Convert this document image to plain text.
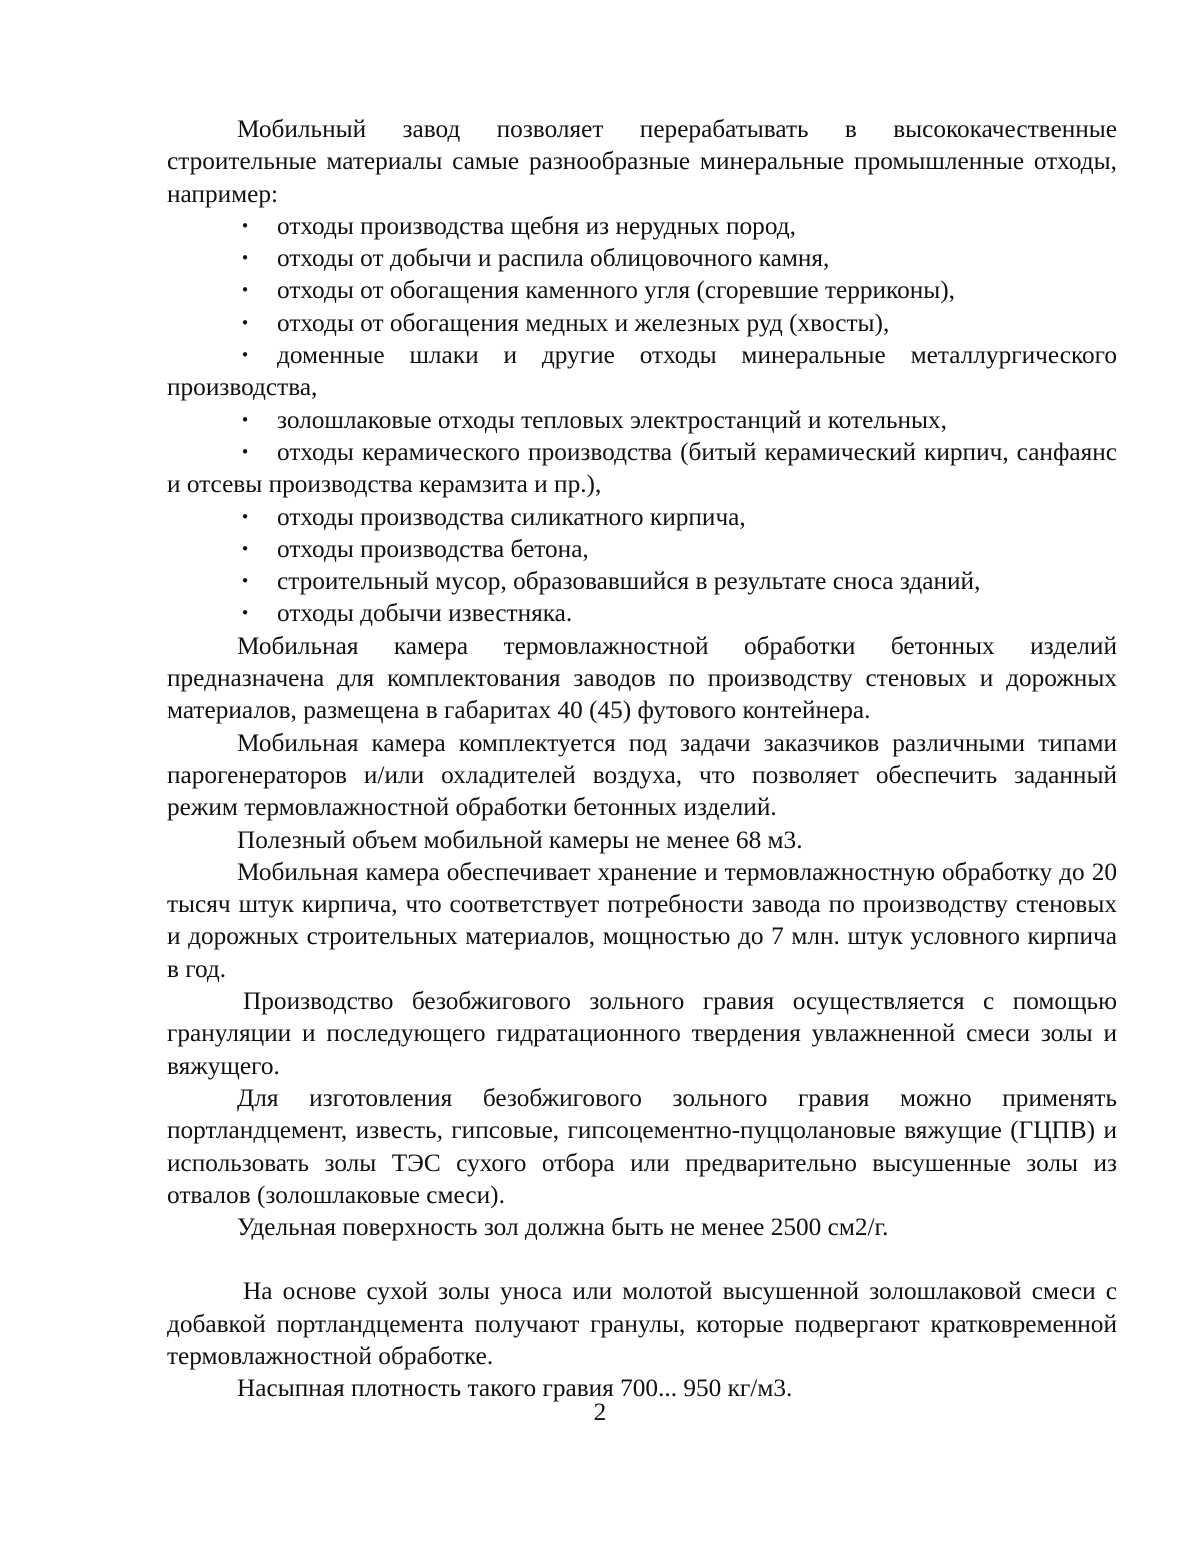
Мобильный завод позволяет перерабатывать в высококачественные строительные материалы самые разнообразные минеральные промышленные отходы, например:

• отходы производства щебня из нерудных пород,
• отходы от добычи и распила облицовочного камня,
• отходы от обогащения каменного угля (сгоревшие терриконы),
• отходы от обогащения медных и железных руд (хвосты),
• доменные шлаки и другие отходы минеральные металлургического производства,
• золошлаковые отходы тепловых электростанций и котельных,
• отходы керамического производства (битый керамический кирпич, санфаянс и отсевы производства керамзита и пр.),
• отходы производства силикатного кирпича,
• отходы производства бетона,
• строительный мусор, образовавшийся в результате сноса зданий,
• отходы добычи известняка.

Мобильная камера термовлажностной обработки бетонных изделий предназначена для комплектования заводов по производству стеновых и дорожных материалов, размещена в габаритах 40 (45) футового контейнера.

Мобильная камера комплектуется под задачи заказчиков различными типами парогенераторов и/или охладителей воздуха, что позволяет обеспечить заданный режим термовлажностной обработки бетонных изделий.

Полезный объем мобильной камеры не менее 68 м3.

Мобильная камера обеспечивает хранение и термовлажностную обработку до 20 тысяч штук кирпича, что соответствует потребности завода по производству стеновых и дорожных строительных материалов, мощностью до 7 млн. штук условного кирпича в год.

Производство безобжигового зольного гравия осуществляется с помощью грануляции и последующего гидратационного твердения увлажненной смеси золы и вяжущего.

Для изготовления безобжигового зольного гравия можно применять портландцемент, известь, гипсовые, гипсоцементно-пуццолановые вяжущие (ГЦПВ) и использовать золы ТЭС сухого отбора или предварительно высушенные золы из отвалов (золошлаковые смеси).

Удельная поверхность зол должна быть не менее 2500 см2/г.

На основе сухой золы уноса или молотой высушенной золошлаковой смеси с добавкой портландцемента получают гранулы, которые подвергают кратковременной термовлажностной обработке.

Насыпная плотность такого гравия 700... 950 кг/м3.

2
